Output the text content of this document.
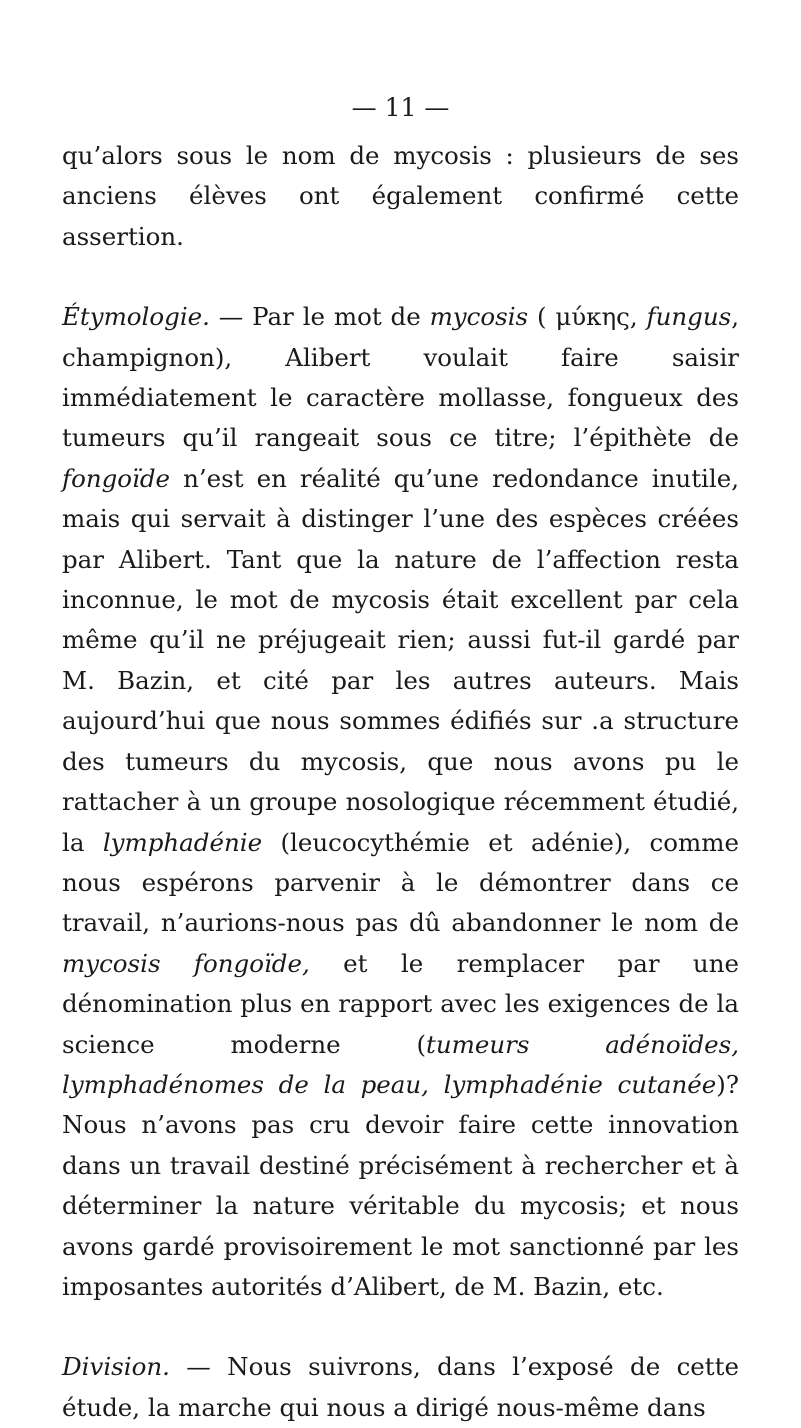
— 11 —

qu’alors sous le nom de mycosis : plusieurs de ses anciens élèves ont également confirmé cette assertion.

Étymologie. — Par le mot de mycosis ( μύκης, fungus, champignon), Alibert voulait faire saisir immédiatement le caractère mollasse, fongueux des tumeurs qu’il rangeait sous ce titre; l’épithète de fongoïde n’est en réalité qu’une redondance inutile, mais qui servait à distinger l’une des espèces créées par Alibert. Tant que la nature de l’affection resta inconnue, le mot de mycosis était excellent par cela même qu’il ne préjugeait rien; aussi fut-il gardé par M. Bazin, et cité par les autres auteurs. Mais aujourd’hui que nous sommes édifiés sur .a structure des tumeurs du mycosis, que nous avons pu le rattacher à un groupe nosologique récemment étudié, la lymphadénie (leucocythémie et adénie), comme nous espérons parvenir à le démontrer dans ce travail, n’aurions-nous pas dû abandonner le nom de mycosis fongoïde, et le remplacer par une dénomination plus en rapport avec les exigences de la science moderne (tumeurs adénoïdes, lymphadénomes de la peau, lymphadénie cutanée)? Nous n’avons pas cru devoir faire cette innovation dans un travail destiné précisément à rechercher et à déterminer la nature véritable du mycosis; et nous avons gardé provisoirement le mot sanctionné par les imposantes autorités d’Alibert, de M. Bazin, etc.

Division. — Nous suivrons, dans l’exposé de cette étude, la marche qui nous a dirigé nous-même dans
